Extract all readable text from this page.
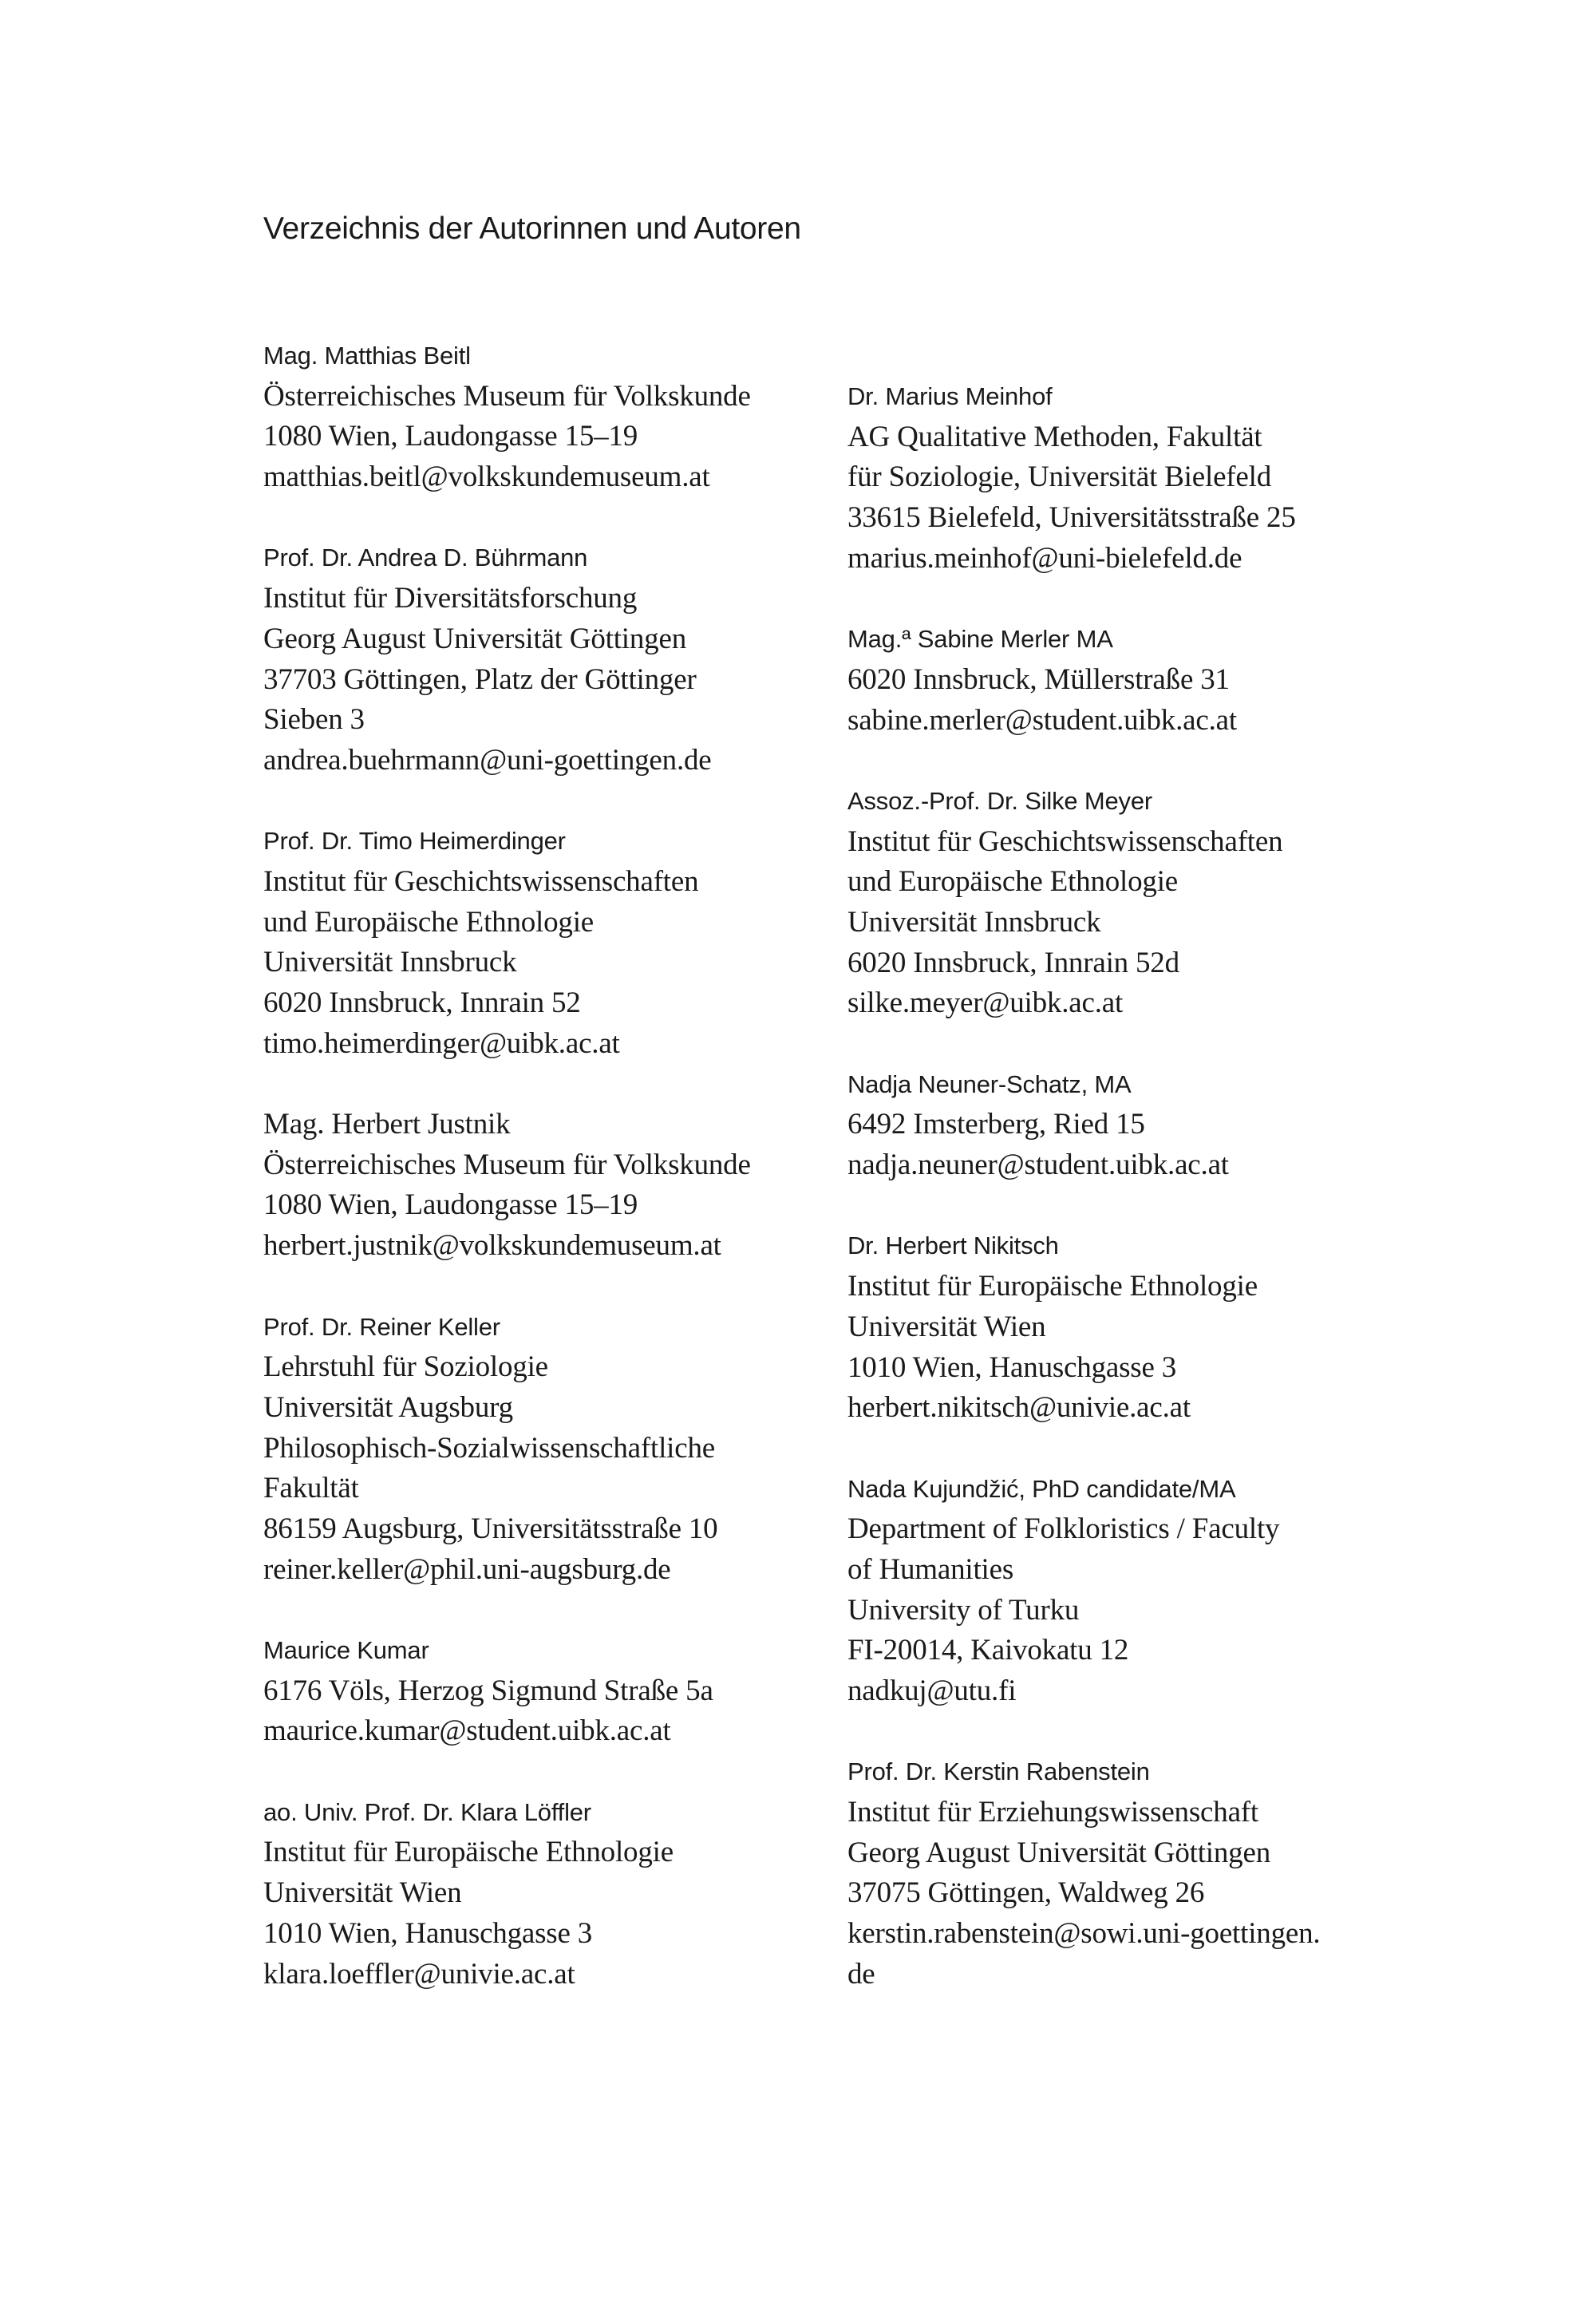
Verzeichnis der Autorinnen und Autoren
Mag. Matthias Beitl
Österreichisches Museum für Volkskunde
1080 Wien, Laudongasse 15–19
matthias.beitl@volkskundemuseum.at
Prof. Dr. Andrea D. Bührmann
Institut für Diversitätsforschung
Georg August Universität Göttingen
37703 Göttingen, Platz der Göttinger
Sieben 3
andrea.buehrmann@uni-goettingen.de
Prof. Dr. Timo Heimerdinger
Institut für Geschichtswissenschaften
und Europäische Ethnologie
Universität Innsbruck
6020 Innsbruck, Innrain 52
timo.heimerdinger@uibk.ac.at
Mag. Herbert Justnik
Österreichisches Museum für Volkskunde
1080 Wien, Laudongasse 15–19
herbert.justnik@volkskundemuseum.at
Prof. Dr. Reiner Keller
Lehrstuhl für Soziologie
Universität Augsburg
Philosophisch-Sozialwissenschaftliche
Fakultät
86159 Augsburg, Universitätsstraße 10
reiner.keller@phil.uni-augsburg.de
Maurice Kumar
6176 Völs, Herzog Sigmund Straße 5a
maurice.kumar@student.uibk.ac.at
ao. Univ. Prof. Dr. Klara Löffler
Institut für Europäische Ethnologie
Universität Wien
1010 Wien, Hanuschgasse 3
klara.loeffler@univie.ac.at
Dr. Marius Meinhof
AG Qualitative Methoden, Fakultät
für Soziologie, Universität Bielefeld
33615 Bielefeld, Universitätsstraße 25
marius.meinhof@uni-bielefeld.de
Mag.ª Sabine Merler MA
6020 Innsbruck, Müllerstraße 31
sabine.merler@student.uibk.ac.at
Assoz.-Prof. Dr. Silke Meyer
Institut für Geschichtswissenschaften
und Europäische Ethnologie
Universität Innsbruck
6020 Innsbruck, Innrain 52d
silke.meyer@uibk.ac.at
Nadja Neuner-Schatz, MA
6492 Imsterberg, Ried 15
nadja.neuner@student.uibk.ac.at
Dr. Herbert Nikitsch
Institut für Europäische Ethnologie
Universität Wien
1010 Wien, Hanuschgasse 3
herbert.nikitsch@univie.ac.at
Nada Kujundžić, PhD candidate/MA
Department of Folkloristics / Faculty
of Humanities
University of Turku
FI-20014, Kaivokatu 12
nadkuj@utu.fi
Prof. Dr. Kerstin Rabenstein
Institut für Erziehungswissenschaft
Georg August Universität Göttingen
37075 Göttingen, Waldweg 26
kerstin.rabenstein@sowi.uni-goettingen.
de
